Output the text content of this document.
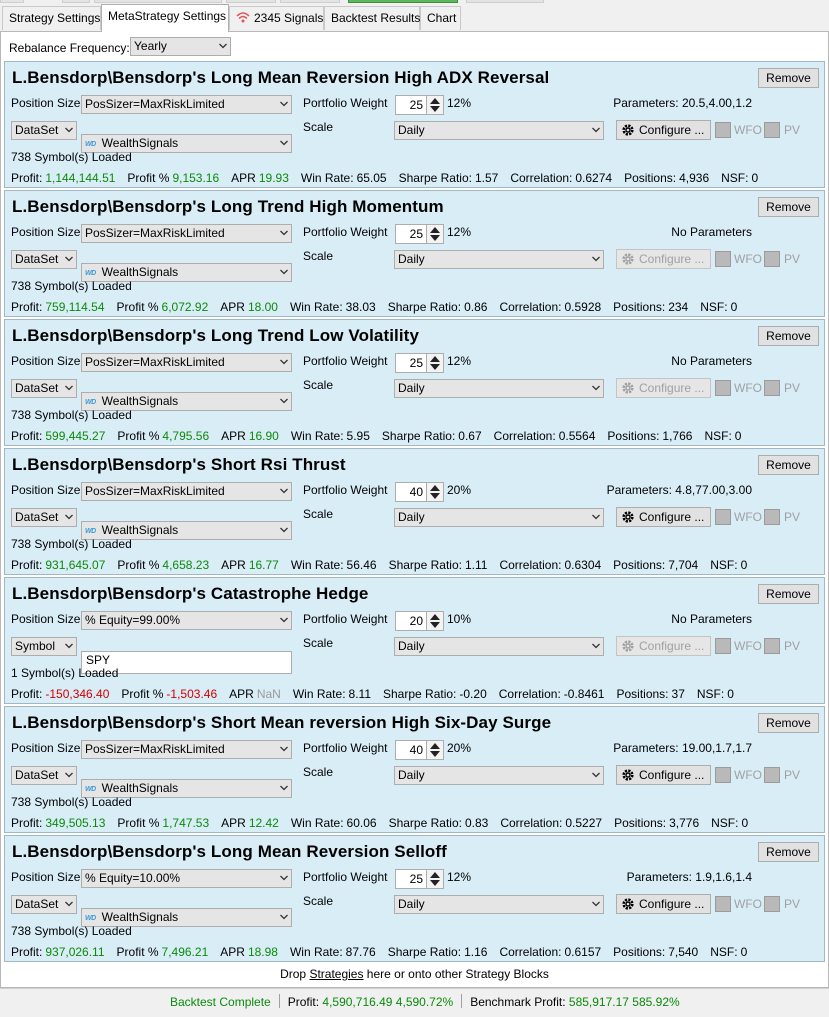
Strategy Settings MetaStrategy Settings	2345 Signals Backtest Results Chart
Rebalance Frequency: Yearly
L.Bensdorp\Bensdorp's Long Mean Reversion High ADX Reversal	Remove
Position Size PosSizer=MaxRiskLimited	Portfolio Weight 25 12%	Parameters: 20.5,4.00,1.2
DataSet
WD WealthSignals
Scale	Daily	Configure ...	WFO PV
738 Symbol(s) Loaded
Profit: 1,144,144.51 Profit % 9,153.16 APR 19.93 Win Rate: 65.05 Sharpe Ratio: 1.57 Correlation: 0.6274 Positions: 4,936 NSF: 0
L.Bensdorp\Bensdorp's Long Trend High Momentum	Remove
Position Size PosSizer=MaxRiskLimited	Portfolio Weight 25 12%	No Parameters
DataSet
WD WealthSignals
Scale	Daily	Configure ...	WFO PV
738 Symbol(s) Loaded
Profit: 759,114.54 Profit % 6,072.92 APR 18.00 Win Rate: 38.03 Sharpe Ratio: 0.86 Correlation: 0.5928 Positions: 234 NSF: 0
L.Bensdorp\Bensdorp's Long Trend Low Volatility	Remove
Position Size PosSizer=MaxRiskLimited	Portfolio Weight 25 12%	No Parameters
DataSet
WD WealthSignals
Scale	Daily	Configure ...	WFO PV
738 Symbol(s) Loaded
Profit: 599,445.27 Profit % 4,795.56 APR 16.90 Win Rate: 5.95 Sharpe Ratio: 0.67 Correlation: 0.5564 Positions: 1,766 NSF: 0
L.Bensdorp\Bensdorp's Short Rsi Thrust	Remove
Position Size PosSizer=MaxRiskLimited	Portfolio Weight 40 20%	Parameters: 4.8,77.00,3.00
DataSet
WD WealthSignals
Scale	Daily	Configure ...	WFO PV
738 Symbol(s) Loaded
Profit: 931,645.07 Profit % 4,658.23 APR 16.77 Win Rate: 56.46 Sharpe Ratio: 1.11 Correlation: 0.6304 Positions: 7,704 NSF: 0
L.Bensdorp\Bensdorp's Catastrophe Hedge	Remove
Position Size % Equity=99.00%	Portfolio Weight 20 10%	No Parameters
Symbol
SPY
Scale	Daily	Configure ...	WFO PV
1 Symbol(s) Loaded
Profit: -150,346.40 Profit % -1,503.46 APR NaN Win Rate: 8.11 Sharpe Ratio: -0.20 Correlation: -0.8461 Positions: 37 NSF: 0
L.Bensdorp\Bensdorp's Short Mean reversion High Six-Day Surge	Remove
Position Size PosSizer=MaxRiskLimited	Portfolio Weight 40 20%	Parameters: 19.00,1.7,1.7
DataSet
WD WealthSignals
Scale	Daily	Configure ...	WFO PV
738 Symbol(s) Loaded
Profit: 349,505.13 Profit % 1,747.53 APR 12.42 Win Rate: 60.06 Sharpe Ratio: 0.83 Correlation: 0.5227 Positions: 3,776 NSF: 0
L.Bensdorp\Bensdorp's Long Mean Reversion Selloff	Remove
Position Size % Equity=10.00%	Portfolio Weight 25 12%	Parameters: 1.9,1.6,1.4
DataSet
WD WealthSignals
Scale	Daily	Configure ...	WFO PV
738 Symbol(s) Loaded
Profit: 937,026.11 Profit % 7,496.21 APR 18.98 Win Rate: 87.76 Sharpe Ratio: 1.16 Correlation: 0.6157 Positions: 7,540 NSF: 0
Drop Strategies here or onto other Strategy Blocks
Backtest Complete Profit: 4,590,716.49 4,590.72% Benchmark Profit: 585,917.17 585.92%
